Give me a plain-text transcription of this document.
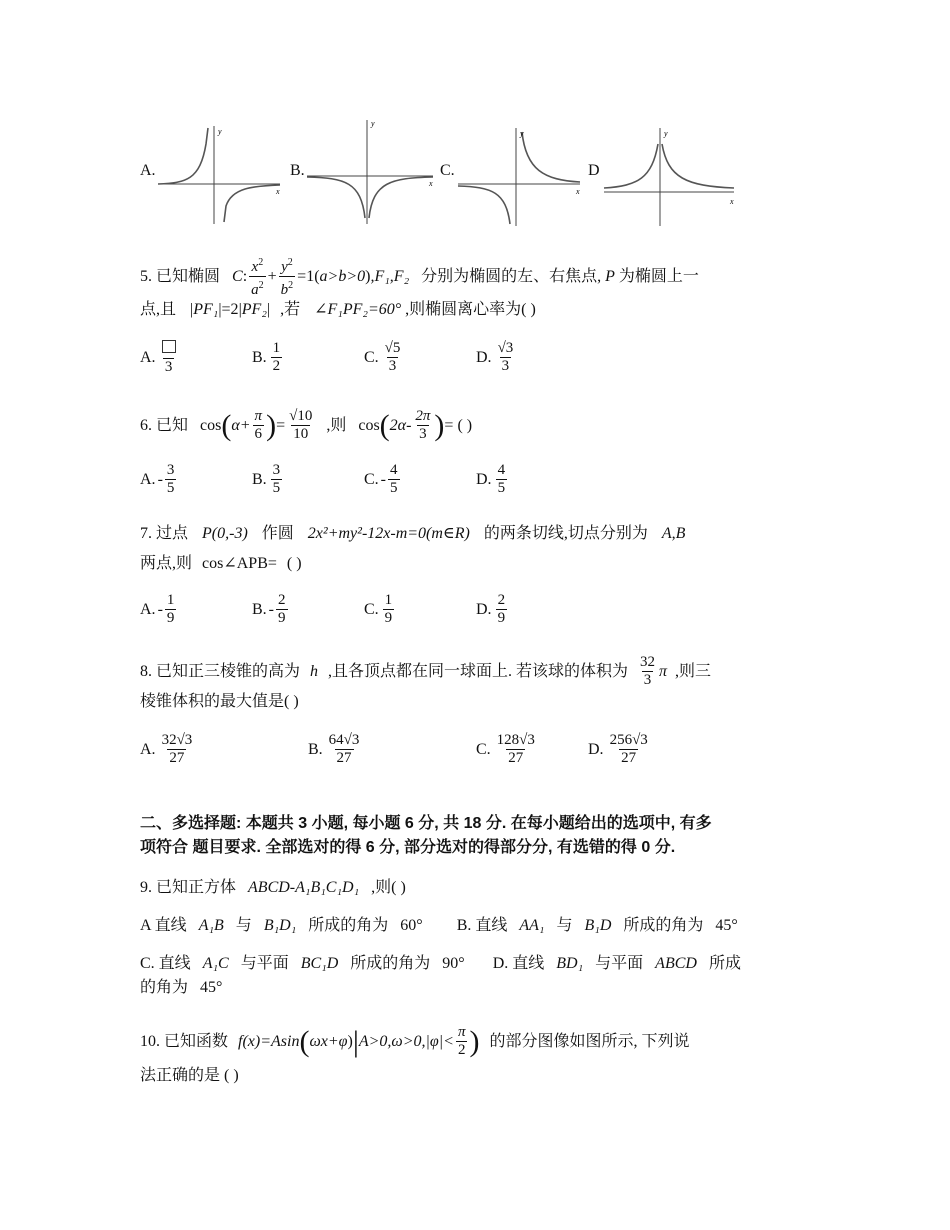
A.
y
x
B.
y
x
C.
y
x
D
y
x
5. 已知椭圆 C : $\frac{x^2}{a^2} + \frac{y^2}{b^2} =1$ ( a>b>0 ) ,F₁,F₂ 分别为椭圆的左、右焦点, P 为椭圆上一
点,且 |PF₁|=2|PF₂| ,若 ∠F₁PF₂=60° ,则椭圆离心率为( )
A.
3
B. $\frac{1}{2}$	C. $\frac{√5}{3}$	D. $\frac{√3}{3}$
6. 已知 cos ( $\alpha+ \frac{\pi}{6}$ ) = $\frac{√10}{10}$ ,则 cos ( $2\alpha- \frac{2\pi}{3}$ ) = ( )
A. - $\frac{3}{5}$	B. $\frac{3}{5}$	C. - $\frac{4}{5}$	D. $\frac{4}{5}$
7. 过点 P(0,-3) 作圆 2x²+my²-12x-m=0(m∈R) 的两条切线,切点分别为 A,B
两点,则 cos∠APB= ( )
A. - $\frac{1}{9}$	B. - $\frac{2}{9}$	C. $\frac{1}{9}$	D. $\frac{2}{9}$
8. 已知正三棱锥的高为 h ,且各顶点都在同一球面上. 若该球的体积为 $\frac{32}{3}$ π ,则三
棱锥体积的最大值是( )
A. $\frac{32√3}{27}$	B. $\frac{64√3}{27}$	C. $\frac{128√3}{27}$	D. $\frac{256√3}{27}$
二、多选择题: 本题共 3 小题, 每小题 6 分, 共 18 分. 在每小题给出的选项中, 有多
项符合 题目要求. 全部选对的得 6 分, 部分选对的得部分分, 有选错的得 0 分.
9. 已知正方体 ABCD-A₁B₁C₁D₁ ,则( )
A 直线 A₁B 与 B₁D₁ 所成的角为 60° B. 直线 AA₁ 与 B₁D 所成的角为 45°
C. 直线 A₁C 与平面 BC₁D 所成的角为 90° D. 直线 BD₁ 与平面 ABCD 所成
的角为 45°
10. 已知函数 f(x)=Asin ( ωx+φ ) | $A>0,\omega>0,|\varphi|< \frac{\pi}{2}$ ) 的部分图像如图所示, 下列说
法正确的是 ( )
